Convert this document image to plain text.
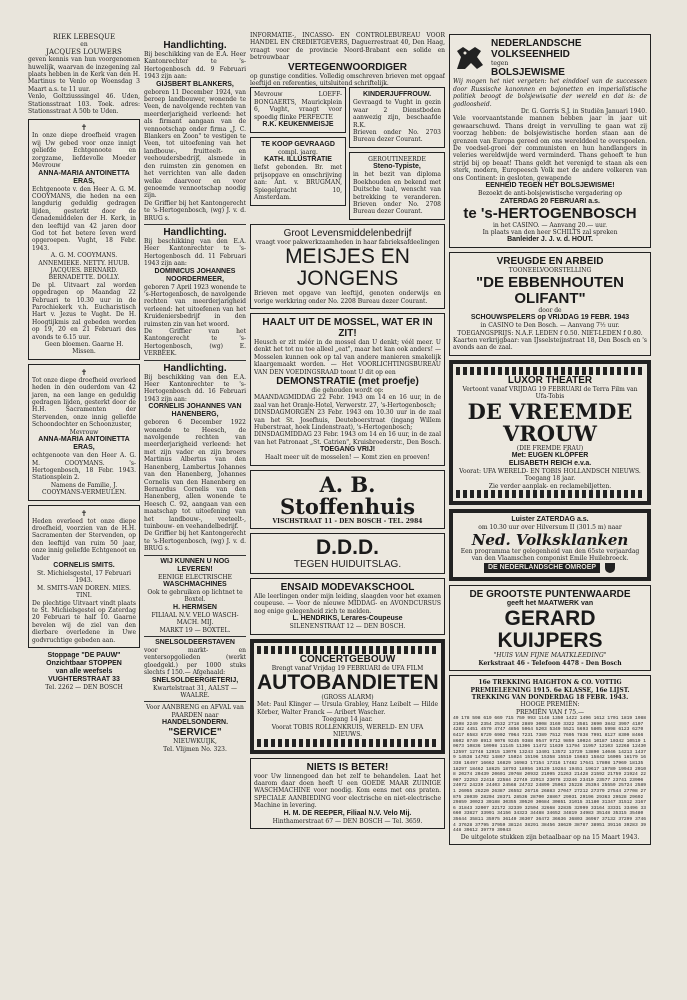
RIEK LEBESQUE

en

JACQUES LOUWERS

geven kennis van hun voorgenomen huwelijk, waarvan de inzegening zal plaats hebben in de Kerk van den H. Martinus te Venlo op Woensdag 3 Maart a.s. te 11 uur.

Venlo, Goltziusssingel 46. Uden, Stationsstraat 103. Toek. adres: Stationsstraat A 50b te Uden.

✝

In onze diepe droefheid vragen wij Uw gebed voor onze innigt geliefde Echtgenoote en zorgzame, liefdevolle Moeder Mevrouw

ANNA-MARIA ANTOINETTA ERAS,

Echtgenoote v. den Heer A. G. M. COOYMANS, die heden na een langdurig geduldig gedragen lijden, gesterkt door de Genademiddelen der H. Kerk, in den leeftijd van 42 jaren door God tot het betere leven werd opgeroepen. Vught, 18 Febr. 1943.

A. G. M. COOYMANS. ANNEMIEKE. NETTY. HUUB. JACQUES. BERNARD. BERNADETTE. DOLLY.

De pl. Uitvaart zal worden opgedragen op Maandag 22 Februari te 10.30 uur in de Parochiekerk v.h. Eucharistisch Hart v. Jezus te Vught. De H. Hoogtijkmis zal gebeden worden op 19, 20 en 21 Februari des avonds te 6.15 uur.

Geen bloemen. Gaarne H. Missen.

✝

Tot onze diepe droefheid overleed heden in den ouderdom van 42 jaren, na een lange en geduldig gedragen lijden, gesterkt door de H.H. Sacramenten der Stervenden, onze innig geliefde Schoondochter en Schoonzuster,

Mevrouw

ANNA-MARIA ANTOINETTA ERAS,

echtgenoote van den Heer A. G. M. COOYMANS. 's-Hertogenbosch, 18 Febr. 1943. Stationsplein 2.

Namens de Familie, J. COOYMANS-VERMEULEN.

✝

Heden overleed tot onze diepe droefheid, voorzien van de H.H. Sacramenten der Stervenden, op den leeftijd van ruim 50 jaar, onze innig geliefde Echtgenoot en Vader

CORNELIS SMITS.

St. Michielsgestel, 17 Februari 1943.

M. SMITS-VAN DOREN. MIES. TINI.

De plechtige Uitvaart vindt plaats te St. Michielsgestel op Zaterdag 20 Februari te half 10. Gaarne bevelen wij de ziel van den dierbare overledene in Uwe godvruchtige gebeden aan.

Stoppage "DE PAUW"

Onzichtbaar STOPPEN

van alle weefsels

VUGHTERSTRAAT 33

Tel. 2262 — DEN BOSCH

Handlichting.

Bij beschikking van de E.A. Heer Kantonrechter te 's-Hertogenbosch dd. 9 Februari 1943 zijn aan:

GIJSBERT BLANKERS,

geboren 11 December 1924, van beroep landbouwer, wonende te Veen, de navolgende rechten van meerderjarigheid verleend: het als firmant aangaan van de vennootschap onder firma „J. C. Blankers en Zoon" te vestigen te Veen, tot uitoefening van het landbouw-, fruitteelt- en veehoudersbedrijf, alsmede in den ruimsten zin genomen en het verrichten van alle daden welke daarvoor en voor genoemde vennootschap noodig zijn.

De Griffier bij het Kantongerecht te 's-Hertogenbosch, (wg) J. v. d. BRUG s.

Handlichting.

Bij beschikking van den E.A. Heer Kantonrechter te 's-Hertogenbosch dd. 11 Februari 1943 zijn aan:

DOMINICUS JOHANNES NOORDERMEER,

geboren 7 April 1923 wonende te 's-Hertogenbosch, de navolgende rechten van meerderjarigheid verleend: het uitoefenen van het Kruideniersbedrijf in den ruimsten zin van het woord.

De Griffier van het Kantongerecht te 's-Hertogenbosch, (wg) E. VERBEEK.

Handlichting.

Bij beschikking van den E.A. Heer Kantonrechter te 's-Hertogenbosch dd. 16 Februari 1943 zijn aan:

CORNELIS JOHANNES VAN HANENBERG,

geboren 6 December 1922 wonende te Heesch, de navolgende rechten van meerderjarigheid verleend: het met zijn vader en zijn broers Martinus Albertus van den Hanenberg, Lambertus Johannes van den Hanenberg, Johannes Cornelis van den Hanenberg en Bernardus Cornelis van den Hanenberg, allen wonende te Heesch C. 92, aangaan van een maatschap tot uitoefening van het landbouw-, veeteelt-, tuinbouw- en veehandelbedrijf.

De Griffier bij het Kantongerecht te 's-Hertogenbosch, (wg) J. v. d. BRUG s.

WIJ KUNNEN U NOG LEVEREN!

EENIGE ELECTRISCHE

WASCHMACHINES

Ook te gebruiken op lichtnet te Boxtel.

H. HERMSEN

FILIAAL N.V. VELO WASCH-MACH. MIJ.

MARKT 19 — BOXTEL.

SNELSOLDEERSTAVEN

voor markt- en ventersopgolieden (werkt gloedgekl.) per 1000 stuks slechts f 150.— Afgehaald:

SNELSOLDEERGIETERIJ,

Kwartelstraat 31, AALST — WAALRE.

Voor AANBRENG en AFVAL van PAARDEN naar

HANDELSONDERN.

"SERVICE"

NIEUWKUIJK,

Tel. Vlijmen No. 323.

INFORMATIE-, INCASSO- EN CONTROLEBUREAU VOOR HANDEL EN CREDIETGEVERS, Daguerrestraat 40, Den Haag, vraagt voor de provincie Noord-Brabant een solide en betrouwbaar

VERTEGENWOORDIGER

op gunstige condities. Volledig omschreven brieven met opgaaf leeftijd en referenties, uitsluitend schriftelijk.

Mevrouw LOEFF-BONGAERTS, Maurickplein 6, Vught, vraagt voor spoedig flinke PERFECTE

R.K. KEUKENMEISJE

TE KOOP GEVRAAGD

compl. jaarg.

KATH. ILLUSTRATIE

liefst gebonden. Br. met prijsopgave en omschrijving aan: Ant. v. BRUGMAN, Spiegelgracht 10, Amsterdam.

KINDERJUFFROUW.

Gevraagd te Vught in gezin waar 2 Dienstboden aanwezig zijn, beschaafde R.K.

Brieven onder No. 2703 Bureau dezer Courant.

GEROUTINEERDE

Steno-Typiste,

in het bezit van diploma Boekhouden en bekend met Duitsche taal, wenscht van betrekking te veranderen. Brieven onder No. 2708 Bureau dezer Courant.

Groot Levensmiddelenbedrijf

vraagt voor pakwerkzaamheden in haar fabrieksafdeelingen

MEISJES EN JONGENS

Brieven met opgave van leeftijd, genoten onderwijs en vorige werkkring onder No. 2208 Bureau dezer Courant.

HAALT UIT DE MOSSEL, WAT ER IN ZIT!

Heusch er zit méér in de mossel dan U denkt; véél meer. U denkt het tot nu toe alleel „eat", maar het kan ook anders! — Mosselen kunnen ook op tal van andere manieren smakelijk klaargemaakt worden. — Het VOORLICHTINGSBUREAU VAN DEN VOEDINGSRAAD toont U dit op een

DEMONSTRATIE (met proefje)

die gehouden wordt op:

MAANDAGMIDDAG 22 Febr. 1943 om 14 en 16 uur, in de zaal van het Oranje-Hotel, Verwerstr. 27, 's-Hertogenbosch;

DINSDAGMORGEN 23 Febr. 1943 om 10.30 uur in de zaal van het St. Josefhuis, Deuteboerstraat (ingang Willem Huberstraat, hoek Lindenstraat), 's-Hertogenbosch;

DINSDAGMIDDAG 23 Febr. 1943 om 14 en 16 uur, in de zaal van het Patronaat „St. Catrien", Kruisbroederstr., Den Bosch.

TOEGANG VRIJ!

Haalt meer uit de mosselen! — Komt zien en proeven!

A. B. Stoffenhuis

VISCHSTRAAT 11 - DEN BOSCH - TEL. 2984

D.D.D.

TEGEN HUIDUITSLAG.

ENSAID MODEVAKSCHOOL

Alle leerlingen onder mijn leiding, slaagden voor het examen coupeuse. — Voor de nieuwe MIDDAG- en AVONDCURSUS nog enige gelegenheid zich te melden.

L. HENDRIKS, Lerares-Coupeuse

SILENENSTRAAT 12 — DEN BOSCH.

CONCERTGEBOUW

Brengt vanaf Vrijdag 19 FEBRUARI de UFA FILM

AUTOBANDIETEN

(GROSS ALARM)

Met: Paul Klinger — Ursula Grabley, Hanz Leibelt — Hilde Körber, Walter Franck — Aribert Wascher.

Toegang 14 jaar.

Voorat TOBIS ROLLENKRUIS, WERELD- EN UFA NIEUWS.

NIETS IS BETER!

voor Uw linnengoed dan het zelf te behandelen. Laat het daarom daar doen heeft U een GOEDE MAAR ZUINIGE WASCHMACHINE voor noodig. Kom eens met ons praten. SPECIALE AANBIEDING voor electrische en niet-electrische Machine in levering.

H. M. DE REEPER, Filiaal N.V. Velo Mij.

Hinthamerstraat 67 — DEN BOSCH — Tel. 3659.

NEDERLANDSCHE

VOLKSEENHEID

tegen

BOLSJEWISME

Wij mogen het niet vergeten: het einddoel van de successen door Russische kanonnen en bajonetten en imperialistische politiek beoogt de bolsjewisatie der wereld en dat is: de godloosheid.

Dr. G. Gorris S.J. in Studiën Januari 1940.

Vele voorvaantstande mannen hebben jaar in jaar uit gewaarschuwd. Thans dreigt in vervulling te gaan wat zij voorzag hebben: de bolsjewistische horden staan aan de grenzen van Europa gereed om ons werelddeel te overspoelen. De voedsel-groei der communisten en hun handlangers in veleries wereldwijde werd verminderd. Thans gehoeft te hun strijd bij op beaat! Thans geldt het verenigd te staan als een sterk, modern, Europeesch Volk met de andere volkeren van ons Continent: in gesloten, gewapende

EENHEID TEGEN HET BOLSJEWISME!

Bezoekt de anti-bolsjewistische vergadering op

ZATERDAG 20 FEBRUARI a.s.

te 's-HERTOGENBOSCH

in het CASINO. — Aanvang 20.— uur.

In plaats van den heer SCHILTS zal spreken

Banleider J. J. v. d. HOUT.

VREUGDE EN ARBEID

TOONEELVOORSTELLING

"DE EBBENHOUTEN OLIFANT"

door de

SCHOUWSPELERS op VRIJDAG 19 FEBR. 1943

in CASINO te Den Bosch. — Aanvang 7½ uur.

TOEGANGSPRIJS: N.A.F. LEDEN f 0.50. NIET-LEDEN f 0.80.

Kaarten verkrijgbaar: van IJsselsteijnstraat 18, Den Bosch en 's avonds aan de zaal.

LUXOR THEATER

Vertoont vanaf VRIJDAG 19 FEBRUARI de Terra Film van Ufa-Tobis

DE VREEMDE VROUW

(DIE FREMDE FRAU)

Met: EUGEN KLÖPFER

ELISABETH REICH e.v.a.

Voorat: UFA WERELD- EN TOBIS HOLLANDSCH NIEUWS. Toegang 18 jaar.

Zie verder aanplak- en reclamebiljetten.

Luister ZATERDAG a.s.

om 10.30 uur over Hilversum II (301.5 m) naar

Ned. Volksklanken

Een programma ter gelegenheid van den 65ste verjaardag van den Vlaamschen componist Emile Huilebroeck.

DE NEDERLANDSCHE OMROEP

DE GROOTSTE PUNTENWAARDE

geeft het MAATWERK van

GERARD KUIJPERS

"HUIS VAN FIJNE MAATKLEEDING"

Kerkstraat 46 - Telefoon 4478 - Den Bosch

16e TREKKING HAIGHTON & CO. VOTTIG PREMIELEENING 1915. 6e KLASSE, 16e LIJST. TREKKING VAN DONDERDAG 18 FEBR. 1943.

HOOGE PREMIËN:

PREMIËN VAN f 75.—

49 178 598 619 669 715 750 993 1148 1350 1422 1496 1612 1701 1819 1988 2108 2249 2354 2532 2718 2889 3008 3169 3322 3581 3690 3842 3997 4107 4282 4451 4579 4747 4856 5064 5203 5349 5521 5693 5805 5998 6123 6270 6417 6583 6729 6902 7064 7231 7389 7512 7695 7838 7991 8127 8309 8466 8602 8749 8913 9076 9245 9388 9547 9712 9859 10024 10187 10342 10519 10673 10836 10998 11145 11306 11472 11639 11794 11957 12103 12268 12430 12597 12748 12915 13076 13243 13401 13572 13729 13890 14046 14213 14379 14538 14702 14867 15024 15196 15358 15519 15683 15842 16005 16179 16338 16497 16662 16829 16983 17154 17316 17482 17641 17808 17969 18135 18297 18462 18625 18793 18956 19120 19284 19451 19617 19780 19943 20108 20274 20439 20601 20768 20932 21095 21263 21428 21592 21759 21924 22087 22253 22418 22584 22749 22913 23078 23246 23410 23577 23741 23906 24072 24239 24403 24568 24732 24899 25063 25228 25394 25559 25724 25891 26055 26220 26387 26552 26716 26883 27047 27212 27379 27544 27708 27875 28039 28204 28371 28536 28700 28867 29031 29196 29363 29528 29692 29859 30023 30188 30355 30520 30684 30851 31015 31180 31347 31512 31676 31843 32007 32172 32339 32504 32668 32835 32999 33164 33331 33496 33660 33827 33991 34156 34323 34488 34652 34819 34983 35148 35315 35480 35644 35811 35975 36140 36307 36472 36636 36803 36967 37132 37299 37464 37628 37795 37959 38124 38291 38456 38620 38787 38951 39116 39283 39448 39612 39779 39943

De uitgelote stukken zijn betaalbaar op na 15 Maart 1943.
